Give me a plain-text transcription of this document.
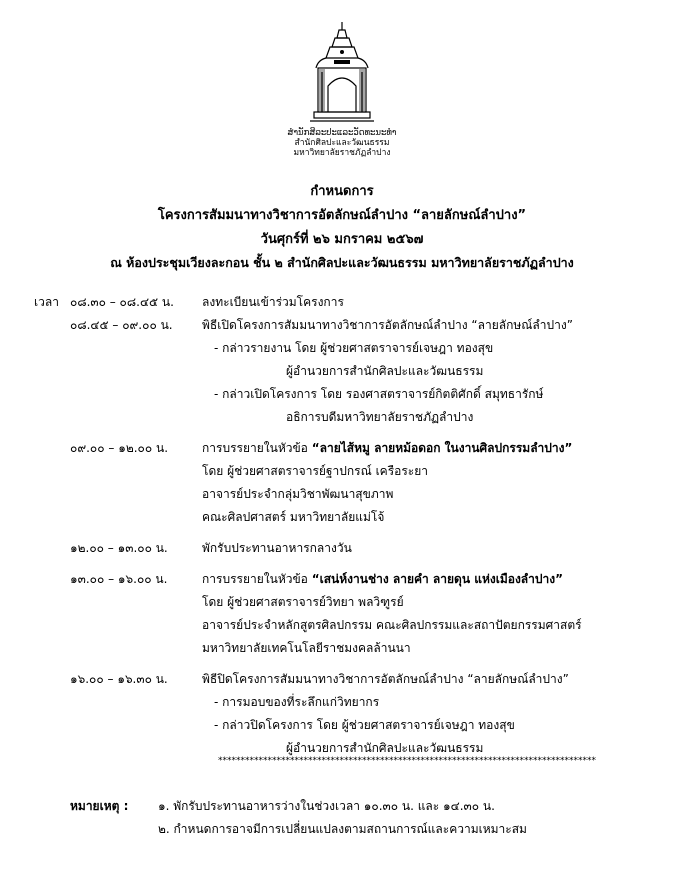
ສຳນັກສິລະປະແລະວັດທະນະທຳ
สำนักศิลปะและวัฒนธรรม
มหาวิทยาลัยราชภัฏลำปาง
กำหนดการ
โครงการสัมมนาทางวิชาการอัตลักษณ์ลำปาง “ลายลักษณ์ลำปาง”
วันศุกร์ที่ ๒๖ มกราคม ๒๕๖๗
ณ ห้องประชุมเวียงละกอน ชั้น ๒ สำนักศิลปะและวัฒนธรรม มหาวิทยาลัยราชภัฏลำปาง
เวลา ๐๘.๓๐ – ๐๘.๔๕ น. ลงทะเบียนเข้าร่วมโครงการ
๐๘.๔๕ – ๐๙.๐๐ น. พิธีเปิดโครงการสัมมนาทางวิชาการอัตลักษณ์ลำปาง “ลายลักษณ์ลำปาง”
- กล่าวรายงาน โดย ผู้ช่วยศาสตราจารย์เจษฎา ทองสุข
ผู้อำนวยการสำนักศิลปะและวัฒนธรรม
- กล่าวเปิดโครงการ โดย รองศาสตราจารย์กิตติศักดิ์ สมุทธารักษ์
อธิการบดีมหาวิทยาลัยราชภัฏลำปาง
๐๙.๐๐ – ๑๒.๐๐ น.	การบรรยายในหัวข้อ “ลายไส้หมู ลายหม้อดอก ในงานศิลปกรรมลำปาง”
โดย ผู้ช่วยศาสตราจารย์ฐาปกรณ์ เครือระยา
อาจารย์ประจำกลุ่มวิชาพัฒนาสุขภาพ
คณะศิลปศาสตร์ มหาวิทยาลัยแม่โจ้
๑๒.๐๐ – ๑๓.๐๐ น.	พักรับประทานอาหารกลางวัน
๑๓.๐๐ – ๑๖.๐๐ น.	การบรรยายในหัวข้อ “เสน่ห์งานช่าง ลายคำ ลายดุน แห่งเมืองลำปาง”
โดย ผู้ช่วยศาสตราจารย์วิทยา พลวิฑูรย์
อาจารย์ประจำหลักสูตรศิลปกรรม คณะศิลปกรรมและสถาปัตยกรรมศาสตร์
มหาวิทยาลัยเทคโนโลยีราชมงคลล้านนา
๑๖.๐๐ – ๑๖.๓๐ น.	พิธีปิดโครงการสัมมนาทางวิชาการอัตลักษณ์ลำปาง “ลายลักษณ์ลำปาง”
- การมอบของที่ระลึกแก่วิทยากร
- กล่าวปิดโครงการ โดย ผู้ช่วยศาสตราจารย์เจษฎา ทองสุข
ผู้อำนวยการสำนักศิลปะและวัฒนธรรม
************************************************************************************
หมายเหตุ : ๑. พักรับประทานอาหารว่างในช่วงเวลา ๑๐.๓๐ น. และ ๑๔.๓๐ น.
๒. กำหนดการอาจมีการเปลี่ยนแปลงตามสถานการณ์และความเหมาะสม
